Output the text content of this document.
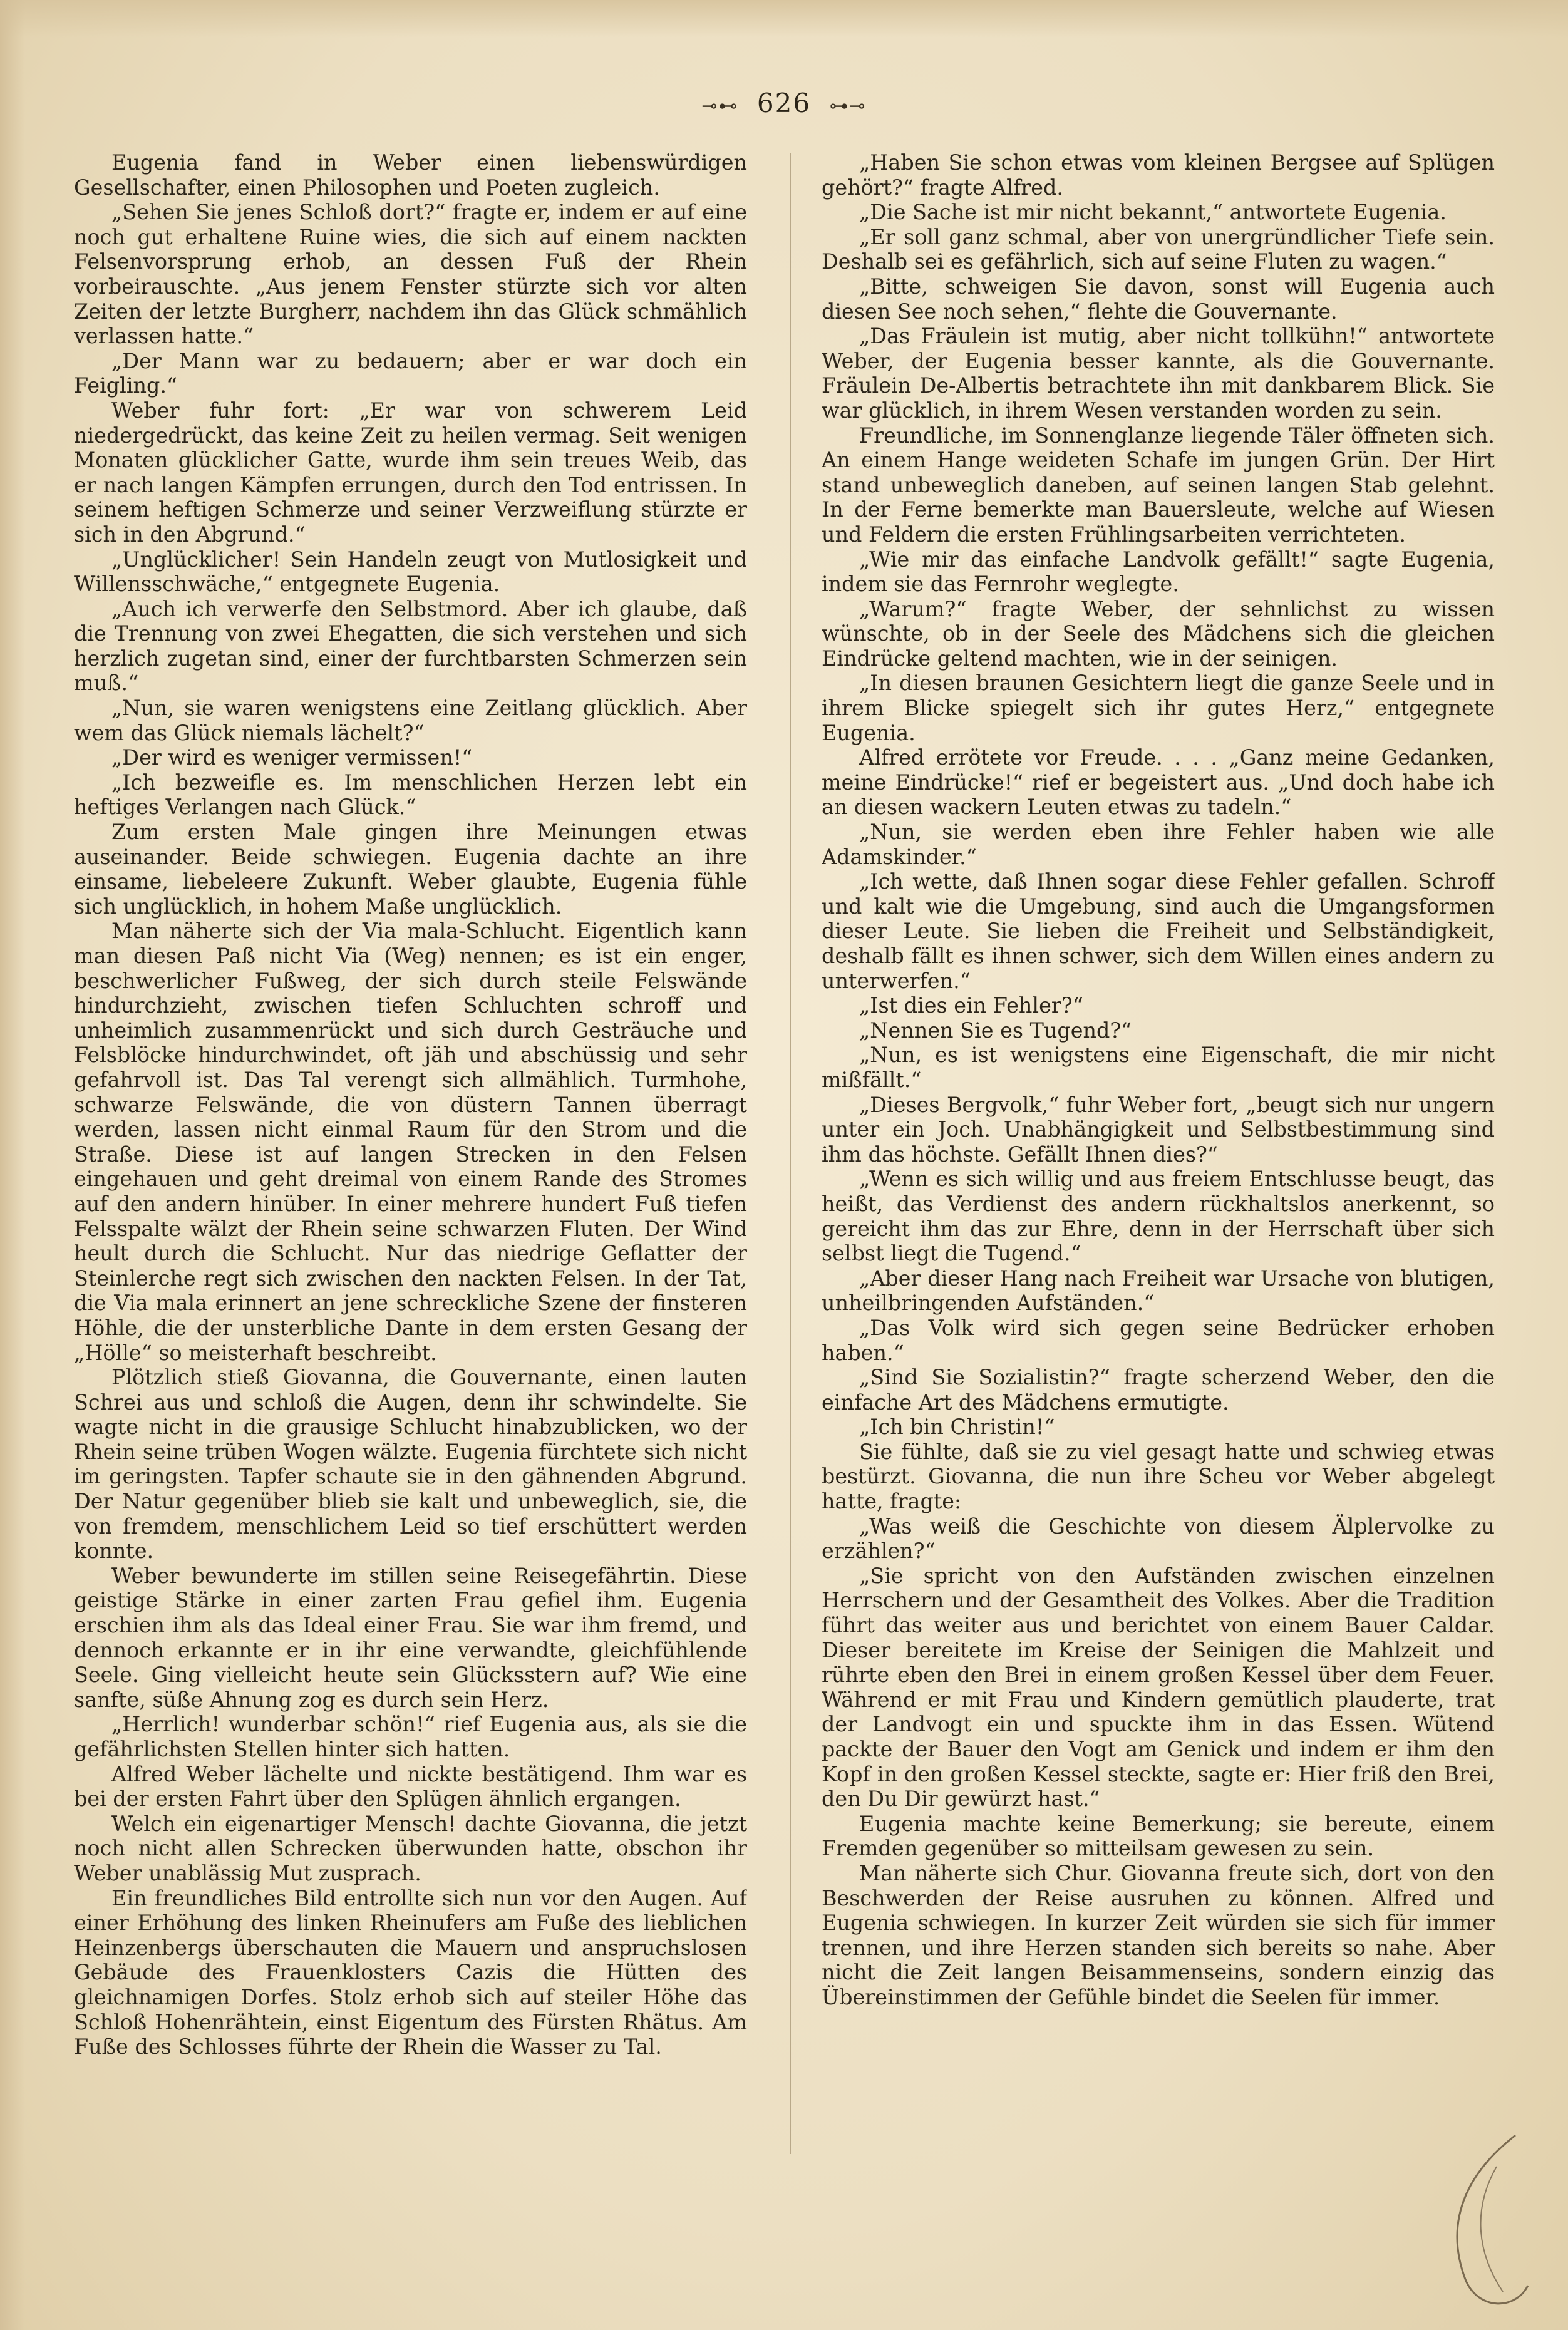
⊸⊷ 626 ⊶⊸

Eugenia fand in Weber einen liebenswürdigen Gesellschafter, einen Philosophen und Poeten zugleich.

„Sehen Sie jenes Schloß dort?“ fragte er, indem er auf eine noch gut erhaltene Ruine wies, die sich auf einem nackten Felsenvorsprung erhob, an dessen Fuß der Rhein vorbeirauschte. „Aus jenem Fenster stürzte sich vor alten Zeiten der letzte Burgherr, nachdem ihn das Glück schmählich verlassen hatte.“

„Der Mann war zu bedauern; aber er war doch ein Feigling.“

Weber fuhr fort: „Er war von schwerem Leid niedergedrückt, das keine Zeit zu heilen vermag. Seit wenigen Monaten glücklicher Gatte, wurde ihm sein treues Weib, das er nach langen Kämpfen errungen, durch den Tod entrissen. In seinem heftigen Schmerze und seiner Verzweiflung stürzte er sich in den Abgrund.“

„Unglücklicher! Sein Handeln zeugt von Mutlosigkeit und Willensschwäche,“ entgegnete Eugenia.

„Auch ich verwerfe den Selbstmord. Aber ich glaube, daß die Trennung von zwei Ehegatten, die sich verstehen und sich herzlich zugetan sind, einer der furchtbarsten Schmerzen sein muß.“

„Nun, sie waren wenigstens eine Zeitlang glücklich. Aber wem das Glück niemals lächelt?“

„Der wird es weniger vermissen!“

„Ich bezweifle es. Im menschlichen Herzen lebt ein heftiges Verlangen nach Glück.“

Zum ersten Male gingen ihre Meinungen etwas auseinander. Beide schwiegen. Eugenia dachte an ihre einsame, liebeleere Zukunft. Weber glaubte, Eugenia fühle sich unglücklich, in hohem Maße unglücklich.

Man näherte sich der Via mala-Schlucht. Eigentlich kann man diesen Paß nicht Via (Weg) nennen; es ist ein enger, beschwerlicher Fußweg, der sich durch steile Felswände hindurchzieht, zwischen tiefen Schluchten schroff und unheimlich zusammenrückt und sich durch Gesträuche und Felsblöcke hindurchwindet, oft jäh und abschüssig und sehr gefahrvoll ist. Das Tal verengt sich allmählich. Turmhohe, schwarze Felswände, die von düstern Tannen überragt werden, lassen nicht einmal Raum für den Strom und die Straße. Diese ist auf langen Strecken in den Felsen eingehauen und geht dreimal von einem Rande des Stromes auf den andern hinüber. In einer mehrere hundert Fuß tiefen Felsspalte wälzt der Rhein seine schwarzen Fluten. Der Wind heult durch die Schlucht. Nur das niedrige Geflatter der Steinlerche regt sich zwischen den nackten Felsen. In der Tat, die Via mala erinnert an jene schreckliche Szene der finsteren Höhle, die der unsterbliche Dante in dem ersten Gesang der „Hölle“ so meisterhaft beschreibt.

Plötzlich stieß Giovanna, die Gouvernante, einen lauten Schrei aus und schloß die Augen, denn ihr schwindelte. Sie wagte nicht in die grausige Schlucht hinabzublicken, wo der Rhein seine trüben Wogen wälzte. Eugenia fürchtete sich nicht im geringsten. Tapfer schaute sie in den gähnenden Abgrund. Der Natur gegenüber blieb sie kalt und unbeweglich, sie, die von fremdem, menschlichem Leid so tief erschüttert werden konnte.

Weber bewunderte im stillen seine Reisegefährtin. Diese geistige Stärke in einer zarten Frau gefiel ihm. Eugenia erschien ihm als das Ideal einer Frau. Sie war ihm fremd, und dennoch erkannte er in ihr eine verwandte, gleichfühlende Seele. Ging vielleicht heute sein Glücksstern auf? Wie eine sanfte, süße Ahnung zog es durch sein Herz.

„Herrlich! wunderbar schön!“ rief Eugenia aus, als sie die gefährlichsten Stellen hinter sich hatten.

Alfred Weber lächelte und nickte bestätigend. Ihm war es bei der ersten Fahrt über den Splügen ähnlich ergangen.

Welch ein eigenartiger Mensch! dachte Giovanna, die jetzt noch nicht allen Schrecken überwunden hatte, obschon ihr Weber unablässig Mut zusprach.

Ein freundliches Bild entrollte sich nun vor den Augen. Auf einer Erhöhung des linken Rheinufers am Fuße des lieblichen Heinzenbergs überschauten die Mauern und anspruchslosen Gebäude des Frauenklosters Cazis die Hütten des gleichnamigen Dorfes. Stolz erhob sich auf steiler Höhe das Schloß Hohenrähtein, einst Eigentum des Fürsten Rhätus. Am Fuße des Schlosses führte der Rhein die Wasser zu Tal.

„Haben Sie schon etwas vom kleinen Bergsee auf Splügen gehört?“ fragte Alfred.

„Die Sache ist mir nicht bekannt,“ antwortete Eugenia.

„Er soll ganz schmal, aber von unergründlicher Tiefe sein. Deshalb sei es gefährlich, sich auf seine Fluten zu wagen.“

„Bitte, schweigen Sie davon, sonst will Eugenia auch diesen See noch sehen,“ flehte die Gouvernante.

„Das Fräulein ist mutig, aber nicht tollkühn!“ antwortete Weber, der Eugenia besser kannte, als die Gouvernante. Fräulein De-Albertis betrachtete ihn mit dankbarem Blick. Sie war glücklich, in ihrem Wesen verstanden worden zu sein.

Freundliche, im Sonnenglanze liegende Täler öffneten sich. An einem Hange weideten Schafe im jungen Grün. Der Hirt stand unbeweglich daneben, auf seinen langen Stab gelehnt. In der Ferne bemerkte man Bauersleute, welche auf Wiesen und Feldern die ersten Frühlingsarbeiten verrichteten.

„Wie mir das einfache Landvolk gefällt!“ sagte Eugenia, indem sie das Fernrohr weglegte.

„Warum?“ fragte Weber, der sehnlichst zu wissen wünschte, ob in der Seele des Mädchens sich die gleichen Eindrücke geltend machten, wie in der seinigen.

„In diesen braunen Gesichtern liegt die ganze Seele und in ihrem Blicke spiegelt sich ihr gutes Herz,“ entgegnete Eugenia.

Alfred errötete vor Freude. . . . „Ganz meine Gedanken, meine Eindrücke!“ rief er begeistert aus. „Und doch habe ich an diesen wackern Leuten etwas zu tadeln.“

„Nun, sie werden eben ihre Fehler haben wie alle Adamskinder.“

„Ich wette, daß Ihnen sogar diese Fehler gefallen. Schroff und kalt wie die Umgebung, sind auch die Umgangsformen dieser Leute. Sie lieben die Freiheit und Selbständigkeit, deshalb fällt es ihnen schwer, sich dem Willen eines andern zu unterwerfen.“

„Ist dies ein Fehler?“

„Nennen Sie es Tugend?“

„Nun, es ist wenigstens eine Eigenschaft, die mir nicht mißfällt.“

„Dieses Bergvolk,“ fuhr Weber fort, „beugt sich nur ungern unter ein Joch. Unabhängigkeit und Selbstbestimmung sind ihm das höchste. Gefällt Ihnen dies?“

„Wenn es sich willig und aus freiem Entschlusse beugt, das heißt, das Verdienst des andern rückhaltslos anerkennt, so gereicht ihm das zur Ehre, denn in der Herrschaft über sich selbst liegt die Tugend.“

„Aber dieser Hang nach Freiheit war Ursache von blutigen, unheilbringenden Aufständen.“

„Das Volk wird sich gegen seine Bedrücker erhoben haben.“

„Sind Sie Sozialistin?“ fragte scherzend Weber, den die einfache Art des Mädchens ermutigte.

„Ich bin Christin!“

Sie fühlte, daß sie zu viel gesagt hatte und schwieg etwas bestürzt. Giovanna, die nun ihre Scheu vor Weber abgelegt hatte, fragte:

„Was weiß die Geschichte von diesem Älplervolke zu erzählen?“

„Sie spricht von den Aufständen zwischen einzelnen Herrschern und der Gesamtheit des Volkes. Aber die Tradition führt das weiter aus und berichtet von einem Bauer Caldar. Dieser bereitete im Kreise der Seinigen die Mahlzeit und rührte eben den Brei in einem großen Kessel über dem Feuer. Während er mit Frau und Kindern gemütlich plauderte, trat der Landvogt ein und spuckte ihm in das Essen. Wütend packte der Bauer den Vogt am Genick und indem er ihm den Kopf in den großen Kessel steckte, sagte er: Hier friß den Brei, den Du Dir gewürzt hast.“

Eugenia machte keine Bemerkung; sie bereute, einem Fremden gegenüber so mitteilsam gewesen zu sein.

Man näherte sich Chur. Giovanna freute sich, dort von den Beschwerden der Reise ausruhen zu können. Alfred und Eugenia schwiegen. In kurzer Zeit würden sie sich für immer trennen, und ihre Herzen standen sich bereits so nahe. Aber nicht die Zeit langen Beisammenseins, sondern einzig das Übereinstimmen der Gefühle bindet die Seelen für immer.
